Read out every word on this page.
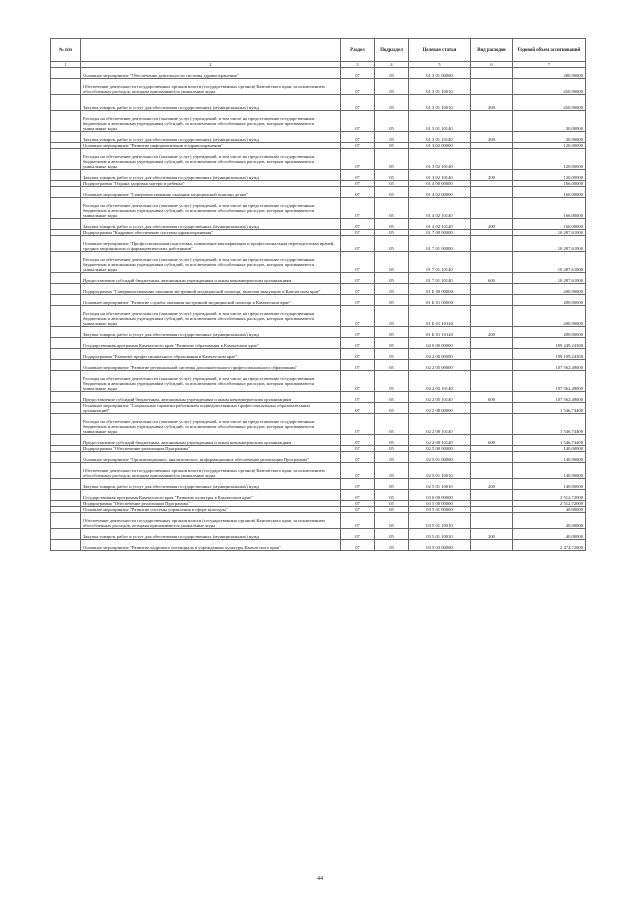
№ п/п		Раздел	Подраздел	Целевая статья	Вид расходов	Годовой объем ассигнований
1	2	3	4	5	6	7
	Основное мероприятие "Обеспечение деятельности системы здравоохранения"	07	05	01 3 01 00000		280,00000
	Обеспечение деятельности государственных органов власти (государственных органов) Камчатского края, за исключением обособленных расходов, которым присваиваются уникальные коды	07	05	01 3 01 10010		250,00000
	Закупка товаров, работ и услуг для обеспечения государственных (муниципальных) нужд	07	05	01 3 01 10010	200	250,00000
	Расходы на обеспечение деятельности (оказание услуг) учреждений, в том числе на предоставление государственным бюджетным и автономным учреждениям субсидий, за исключением обособленных расходов, которым присваиваются уникальные коды	07	05	01 3 01 10140		30,00000
	Закупка товаров, работ и услуг для обеспечения государственных (муниципальных) нужд	07	05	01 3 01 10140	200	30,00000
	Основное мероприятие "Развитие информатизации в здравоохранении"	07	05	01 3 02 00000		120,00000
	Расходы на обеспечение деятельности (оказание услуг) учреждений, в том числе на предоставление государственным бюджетным и автономным учреждениям субсидий, за исключением обособленных расходов, которым присваиваются уникальные коды	07	05	01 3 02 10140		120,00000
	Закупка товаров, работ и услуг для обеспечения государственных (муниципальных) нужд	07	05	01 3 02 10140	200	120,00000
	Подпрограмма "Охрана здоровья матери и ребенка"	07	05	01 4 00 00000		166,00000
	Основное мероприятие "Совершенствование оказания медицинской помощи детям"	07	05	01 4 02 00000		166,00000
	Расходы на обеспечение деятельности (оказание услуг) учреждений, в том числе на предоставление государственным бюджетным и автономным учреждениям субсидий, за исключением обособленных расходов, которым присваиваются уникальные коды	07	05	01 4 02 10140		166,00000
	Закупка товаров, работ и услуг для обеспечения государственных (муниципальных) нужд	07	05	01 4 02 10140	200	166,00000
	Подпрограмма "Кадровое обеспечение системы здравоохранения"	07	05	01 7 00 00000		10 287,61000
	Основное мероприятие "Профессиональная подготовка, повышение квалификации и профессиональная переподготовка врачей, средних медицинских и фармацевтических работников"	07	05	01 7 01 00000		10 287,61000
	Расходы на обеспечение деятельности (оказание услуг) учреждений, в том числе на предоставление государственным бюджетным и автономным учреждениям субсидий, за исключением обособленных расходов, которым присваиваются уникальные коды	07	05	01 7 01 10140		10 287,61000
	Предоставление субсидий бюджетным, автономным учреждениям и иным некоммерческим организациям	07	05	01 7 01 10140	600	10 287,61000
	Подпрограмма "Совершенствование оказания экстренной медицинской помощи, включая эвакуацию в Камчатском крае"	07	05	01 Б 00 00000		200,00000
	Основное мероприятие "Развитие службы оказания экстренной медицинской помощи в Камчатском крае"	07	05	01 Б 01 00000		200,00000
	Расходы на обеспечение деятельности (оказание услуг) учреждений, в том числе на предоставление государственным бюджетным и автономным учреждениям субсидий, за исключением обособленных расходов, которым присваиваются уникальные коды	07	05	01 Б 01 10140		200,00000
	Закупка товаров, работ и услуг для обеспечения государственных (муниципальных) нужд	07	05	01 Б 01 10140	200	200,00000
	Государственная программа Камчатского края "Развитие образования в Камчатском крае"	07	05	02 0 00 00000		109 249,24300
	Подпрограмма "Развитие профессионального образования в Камчатском крае"	07	05	02 2 00 00000		109 109,24300
	Основное мероприятие "Развитие региональной системы дополнительного профессионального образования"	07	05	02 2 05 00000		107 562,49000
	Расходы на обеспечение деятельности (оказание услуг) учреждений, в том числе на предоставление государственным бюджетным и автономным учреждениям субсидий, за исключением обособленных расходов, которым присваиваются уникальные коды	07	05	02 2 05 10140		107 562,49000
	Предоставление субсидий бюджетным, автономным учреждениям и иным некоммерческим организациям	07	05	02 2 05 10140	600	107 562,49000
	Основное мероприятие "Социальные гарантии работникам подведомственных профессиональных образовательных организаций"	07	05	02 2 08 00000		1 546,74400
	Расходы на обеспечение деятельности (оказание услуг) учреждений, в том числе на предоставление государственным бюджетным и автономным учреждениям субсидий, за исключением обособленных расходов, которым присваиваются уникальные коды	07	05	02 2 08 10140		1 546,74400
	Предоставление субсидий бюджетным, автономным учреждениям и иным некоммерческим организациям	07	05	02 2 08 10140	600	1 546,74400
	Подпрограмма "Обеспечение реализации Программы"	07	05	02 5 00 00000		140,00000
	Основное мероприятие "Организационное, аналитическое, информационное обеспечение реализации Программы"	07	05	02 5 01 00000		140,00000
	Обеспечение деятельности государственных органов власти (государственных органов) Камчатского края, за исключением обособленных расходов, которым присваиваются уникальные коды	07	05	02 5 01 10010		140,00000
	Закупка товаров, работ и услуг для обеспечения государственных (муниципальных) нужд	07	05	02 5 01 10010	200	140,00000
	Государственная программа Камчатского края "Развитие культуры в Камчатском крае"	07	05	03 0 00 00000		2 512,72000
	Подпрограмма "Обеспечение реализации Программы"	07	05	03 5 00 00000		2 512,72000
	Основное мероприятие "Развитие системы управления в сфере культуры"	07	05	03 5 01 00000		40,00000
	Обеспечение деятельности государственных органов власти (государственных органов) Камчатского края, за исключением обособленных расходов, которым присваиваются уникальные коды	07	05	03 5 01 10010		40,00000
	Закупка товаров, работ и услуг для обеспечения государственных (муниципальных) нужд	07	05	03 5 01 10010	200	40,00000
	Основное мероприятие "Развитие кадрового потенциала в учреждениях культуры Камчатского края"	07	05	03 5 03 00000		2 472,72000
44
